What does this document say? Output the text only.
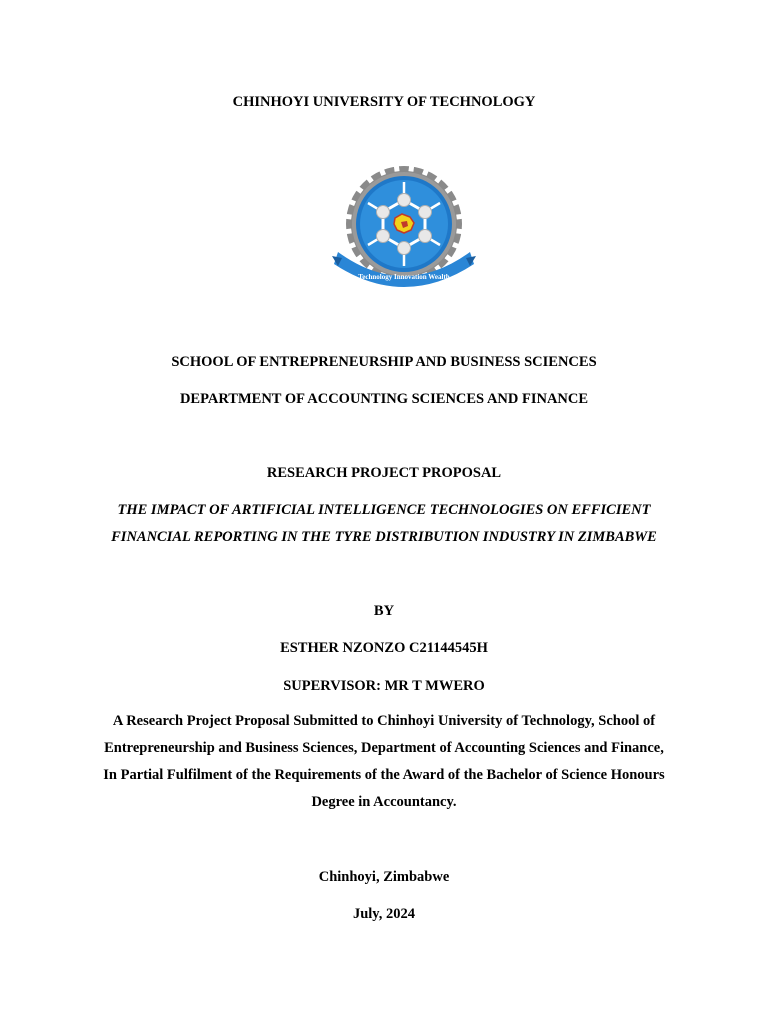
CHINHOYI UNIVERSITY OF TECHNOLOGY
Technology Innovation Wealth
SCHOOL OF ENTREPRENEURSHIP AND BUSINESS SCIENCES
DEPARTMENT OF ACCOUNTING SCIENCES AND FINANCE
RESEARCH PROJECT PROPOSAL
THE IMPACT OF ARTIFICIAL INTELLIGENCE TECHNOLOGIES ON EFFICIENT
FINANCIAL REPORTING IN THE TYRE DISTRIBUTION INDUSTRY IN ZIMBABWE
BY
ESTHER NZONZO C21144545H
SUPERVISOR: MR T MWERO
A Research Project Proposal Submitted to Chinhoyi University of Technology, School of
Entrepreneurship and Business Sciences, Department of Accounting Sciences and Finance,
In Partial Fulfilment of the Requirements of the Award of the Bachelor of Science Honours
Degree in Accountancy.
Chinhoyi, Zimbabwe
July, 2024
